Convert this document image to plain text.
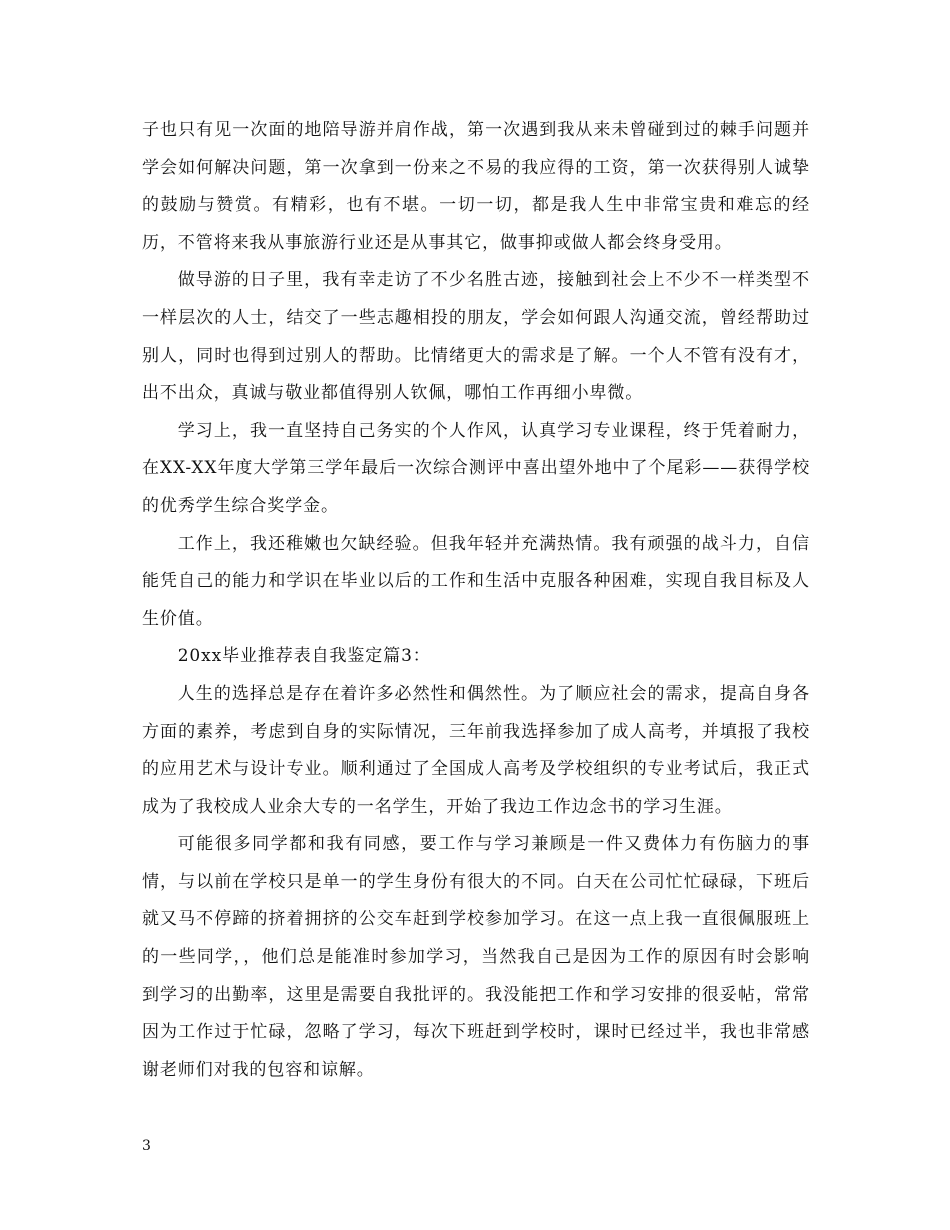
子也只有见一次面的地陪导游并肩作战，第一次遇到我从来未曾碰到过的棘手问题并学会如何解决问题，第一次拿到一份来之不易的我应得的工资，第一次获得别人诚挚的鼓励与赞赏。有精彩，也有不堪。一切一切，都是我人生中非常宝贵和难忘的经历，不管将来我从事旅游行业还是从事其它，做事抑或做人都会终身受用。

做导游的日子里，我有幸走访了不少名胜古迹，接触到社会上不少不一样类型不一样层次的人士，结交了一些志趣相投的朋友，学会如何跟人沟通交流，曾经帮助过别人，同时也得到过别人的帮助。比情绪更大的需求是了解。一个人不管有没有才，出不出众，真诚与敬业都值得别人钦佩，哪怕工作再细小卑微。

学习上，我一直坚持自己务实的个人作风，认真学习专业课程，终于凭着耐力，在XX-XX年度大学第三学年最后一次综合测评中喜出望外地中了个尾彩——获得学校的优秀学生综合奖学金。

工作上，我还稚嫩也欠缺经验。但我年轻并充满热情。我有顽强的战斗力，自信能凭自己的能力和学识在毕业以后的工作和生活中克服各种困难，实现自我目标及人生价值。

20xx毕业推荐表自我鉴定篇3：

人生的选择总是存在着许多必然性和偶然性。为了顺应社会的需求，提高自身各方面的素养，考虑到自身的实际情况，三年前我选择参加了成人高考，并填报了我校的应用艺术与设计专业。顺利通过了全国成人高考及学校组织的专业考试后，我正式成为了我校成人业余大专的一名学生，开始了我边工作边念书的学习生涯。

可能很多同学都和我有同感，要工作与学习兼顾是一件又费体力有伤脑力的事情，与以前在学校只是单一的学生身份有很大的不同。白天在公司忙忙碌碌，下班后就又马不停蹄的挤着拥挤的公交车赶到学校参加学习。在这一点上我一直很佩服班上的一些同学，，他们总是能准时参加学习，当然我自己是因为工作的原因有时会影响到学习的出勤率，这里是需要自我批评的。我没能把工作和学习安排的很妥帖，常常因为工作过于忙碌，忽略了学习，每次下班赶到学校时，课时已经过半，我也非常感谢老师们对我的包容和谅解。

3
